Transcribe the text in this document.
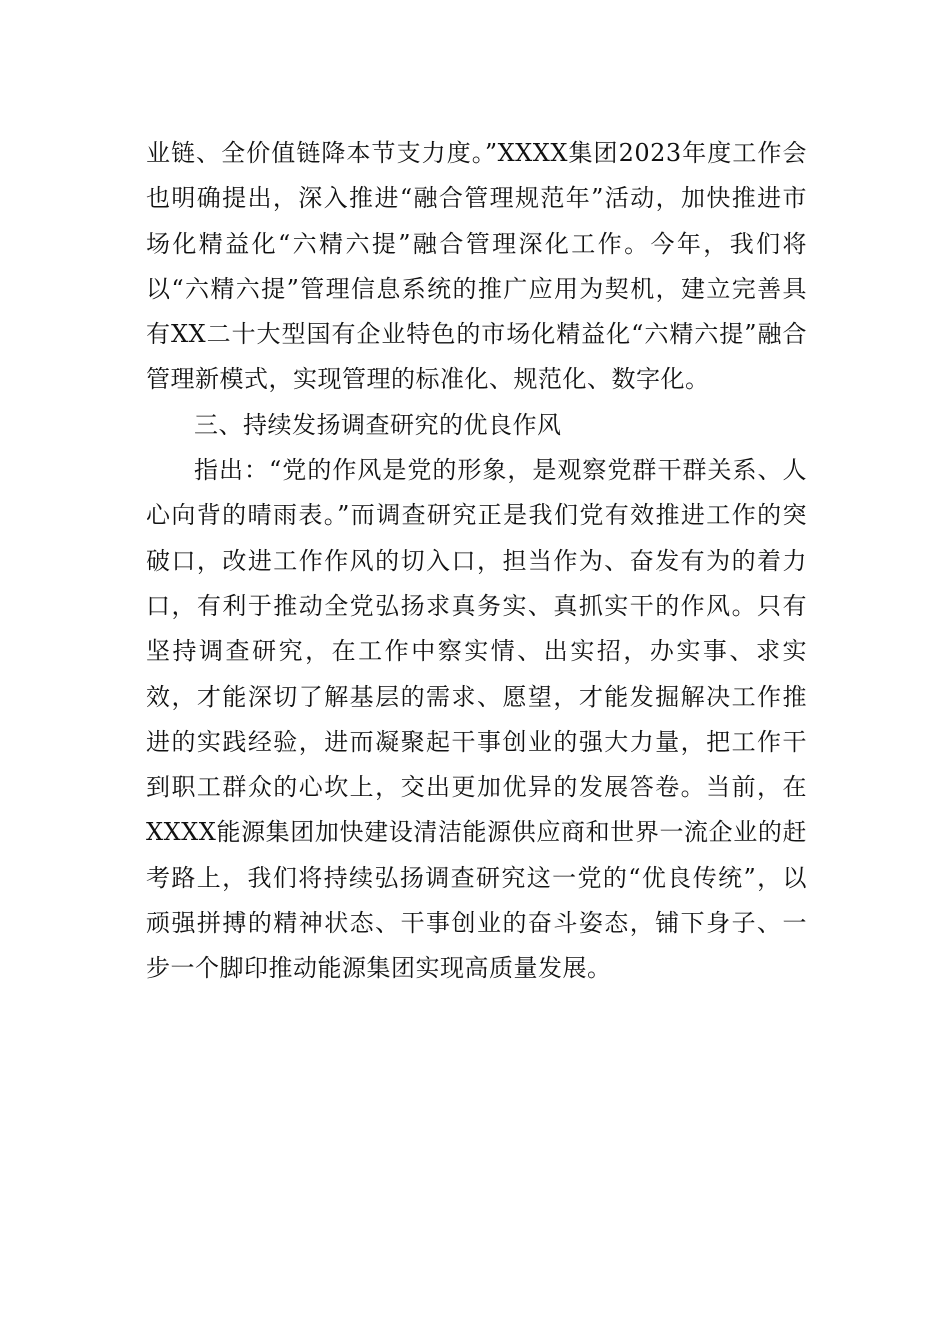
业链、全价值链降本节支力度。”XXXX集团2023年度工作会也明确提出，深入推进“融合管理规范年”活动，加快推进市场化精益化“六精六提”融合管理深化工作。今年，我们将以“六精六提”管理信息系统的推广应用为契机，建立完善具有XX二十大型国有企业特色的市场化精益化“六精六提”融合管理新模式，实现管理的标准化、规范化、数字化。

三、持续发扬调查研究的优良作风

指出：“党的作风是党的形象，是观察党群干群关系、人心向背的晴雨表。”而调查研究正是我们党有效推进工作的突破口，改进工作作风的切入口，担当作为、奋发有为的着力口，有利于推动全党弘扬求真务实、真抓实干的作风。只有坚持调查研究，在工作中察实情、出实招，办实事、求实效，才能深切了解基层的需求、愿望，才能发掘解决工作推进的实践经验，进而凝聚起干事创业的强大力量，把工作干到职工群众的心坎上，交出更加优异的发展答卷。当前，在XXXX能源集团加快建设清洁能源供应商和世界一流企业的赶考路上，我们将持续弘扬调查研究这一党的“优良传统”，以顽强拼搏的精神状态、干事创业的奋斗姿态，铺下身子、一步一个脚印推动能源集团实现高质量发展。
